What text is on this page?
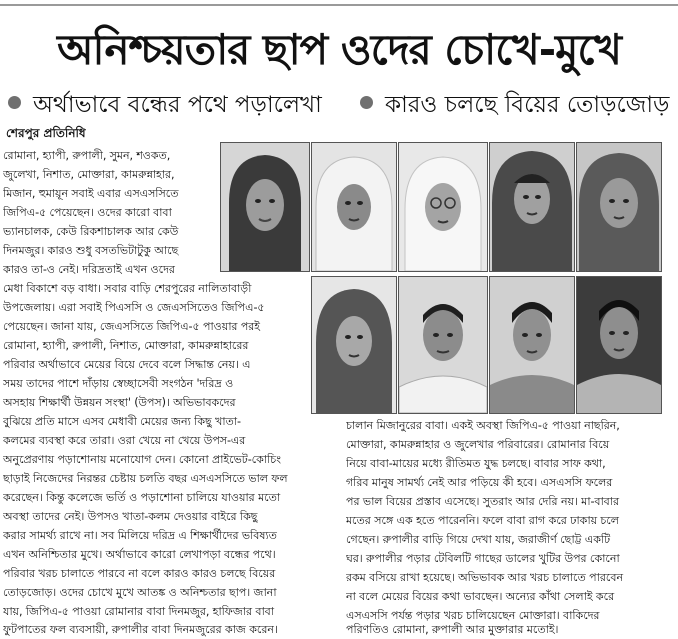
অনিশ্চয়তার ছাপ ওদের চোখে-মুখে
অর্থাভাবে বন্ধের পথে পড়ালেখা	কারও চলছে বিয়ের তোড়জোড়
শেরপুর প্রতিনিধি
রোমানা, হ্যাপী, রুপালী, সুমন, শওকত,
জুলেখা, নিশাত, মোক্তারা, কামরুন্নাহার,
মিজান, হুমায়ূন সবাই এবার এসএসসিতে
জিপিএ-৫ পেয়েছেন। ওদের কারো বাবা
ভ্যানচালক, কেউ রিকশাচালক আর কেউ
দিনমজুর। কারও শুধু বসতভিটাটুকু আছে
কারও তা-ও নেই। দরিদ্রতাই এখন ওদের
মেধা বিকাশে বড় বাধা। সবার বাড়ি শেরপুরের নালিতাবাড়ী
উপজেলায়। এরা সবাই পিএসসি ও জেএসসিতেও জিপিএ-৫
পেয়েছেন। জানা যায়, জেএসসিতে জিপিএ-৫ পাওয়ার পরই
রোমানা, হ্যাপী, রুপালী, নিশাত, মোক্তারা, কামরুন্নাহারের
পরিবার অর্থাভাবে মেয়ের বিয়ে দেবে বলে সিদ্ধান্ত নেয়। এ
সময় তাদের পাশে দাঁড়ায় স্বেচ্ছাসেবী সংগঠন 'দরিদ্র ও
অসহায় শিক্ষার্থী উন্নয়ন সংস্থা' (উপস)। অভিভাবকদের
বুঝিয়ে প্রতি মাসে এসব মেধাবী মেয়ের জন্য কিছু খাতা-
কলমের ব্যবস্থা করে তারা। ওরা খেয়ে না খেয়ে উপস-এর
অনুপ্রেরণায় পড়াশোনায় মনোযোগ দেন। কোনো প্রাইভেট-কোচিং
ছাড়াই নিজেদের নিরন্তর চেষ্টায় চলতি বছর এসএসসিতে ভাল ফল
করেছেন। কিন্তু কলেজে ভর্তি ও পড়াশোনা চালিয়ে যাওয়ার মতো
অবস্থা তাদের নেই। উপসও খাতা-কলম দেওয়ার বাইরে কিছু
করার সামর্থ্য রাখে না। সব মিলিয়ে দরিদ্র এ শিক্ষার্থীদের ভবিষ্যত
এখন অনিশ্চিতার মুখে। অর্থাভাবে কারো লেখাপড়া বন্ধের পথে।
পরিবার খরচ চালাতে পারবে না বলে কারও কারও চলছে বিয়ের
তোড়জোড়। ওদের চোখে মুখে আতঙ্ক ও অনিশ্চতার ছাপ। জানা
যায়, জিপিএ-৫ পাওয়া রোমানার বাবা দিনমজুর, হাফিজার বাবা
ফুটপাতের ফল ব্যবসায়ী, রুপালীর বাবা দিনমজুরের কাজ করেন।
চালান মিজানুরের বাবা। একই অবস্থা জিপিএ-৫ পাওয়া নাছরিন,
মোক্তারা, কামরুন্নাহার ও জুলেখার পরিবারের। রোমানার বিয়ে
নিয়ে বাবা-মায়ের মধ্যে রীতিমত যুদ্ধ চলছে। বাবার সাফ কথা,
গরিব মানুষ সামর্থ্য নেই আর পড়িয়ে কী হবে। এসএসসি ফলের
পর ভাল বিয়ের প্রস্তাব এসেছে। সুতরাং আর দেরি নয়। মা-বাবার
মতের সঙ্গে এক হতে পারেননি। ফলে বাবা রাগ করে ঢাকায় চলে
গেছেন। রুপালীর বাড়ি গিয়ে দেখা যায়, জরাজীর্ণ ছোট্ট একটি
ঘর। রুপালীর পড়ার টেবিলটি গাছের ডালের খুটির উপর কোনো
রকম বসিয়ে রাখা হয়েছে। অভিভাবক আর খরচ চালাতে পারবেন
না বলে মেয়ের বিয়ের কথা ভাবছেন। অন্যের কাঁথা সেলাই করে
এসএসসি পর্যন্ত পড়ার খরচ চালিয়েছেন মোক্তারা। বাকিদের
পরিণতিও রোমানা, রুপালী আর মুক্তারার মতোই।
